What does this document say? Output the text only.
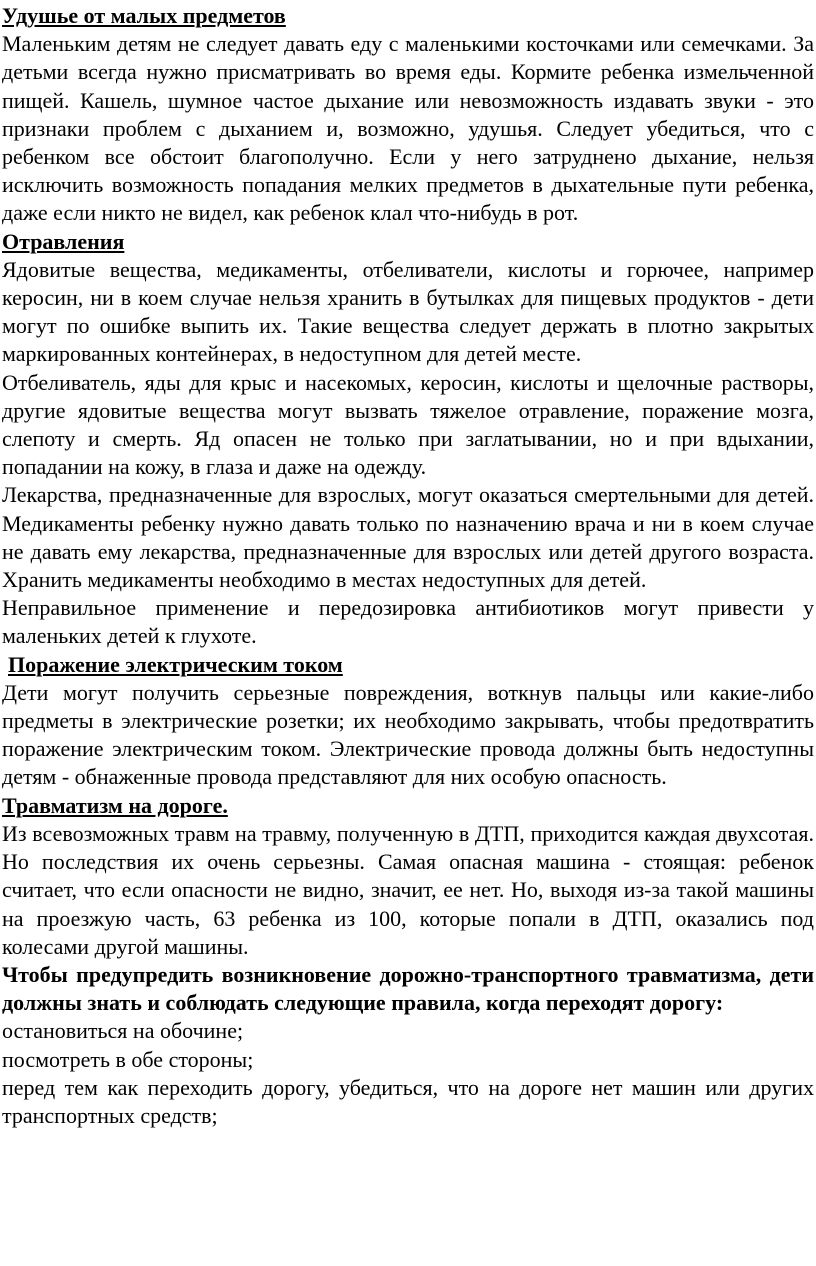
Удушье от малых предметов

Маленьким детям не следует давать еду с маленькими косточками или семечками. За детьми всегда нужно присматривать во время еды. Кормите ребенка измельченной пищей. Кашель, шумное частое дыхание или невозможность издавать звуки - это признаки проблем с дыханием и, возможно, удушья. Следует убедиться, что с ребенком все обстоит благополучно. Если у него затруднено дыхание, нельзя исключить возможность попадания мелких предметов в дыхательные пути ребенка, даже если никто не видел, как ребенок клал что-нибудь в рот.

Отравления

Ядовитые вещества, медикаменты, отбеливатели, кислоты и горючее, например керосин, ни в коем случае нельзя хранить в бутылках для пищевых продуктов - дети могут по ошибке выпить их. Такие вещества следует держать в плотно закрытых маркированных контейнерах, в недоступном для детей месте.

Отбеливатель, яды для крыс и насекомых, керосин, кислоты и щелочные растворы, другие ядовитые вещества могут вызвать тяжелое отравление, поражение мозга, слепоту и смерть. Яд опасен не только при заглатывании, но и при вдыхании, попадании на кожу, в глаза и даже на одежду.

Лекарства, предназначенные для взрослых, могут оказаться смертельными для детей. Медикаменты ребенку нужно давать только по назначению врача и ни в коем случае не давать ему лекарства, предназначенные для взрослых или детей другого возраста. Хранить медикаменты необходимо в местах недоступных для детей.

Неправильное применение и передозировка антибиотиков могут привести у маленьких детей к глухоте.

Поражение электрическим током

Дети могут получить серьезные повреждения, воткнув пальцы или какие-либо предметы в электрические розетки; их необходимо закрывать, чтобы предотвратить поражение электрическим током. Электрические провода должны быть недоступны детям - обнаженные провода представляют для них особую опасность.

Травматизм на дороге.

Из всевозможных травм на травму, полученную в ДТП, приходится каждая двухсотая. Но последствия их очень серьезны. Самая опасная машина - стоящая: ребенок считает, что если опасности не видно, значит, ее нет. Но, выходя из-за такой машины на проезжую часть, 63 ребенка из 100, которые попали в ДТП, оказались под колесами другой машины.

Чтобы предупредить возникновение дорожно-транспортного травматизма, дети должны знать и соблюдать следующие правила, когда переходят дорогу:

остановиться на обочине;

посмотреть в обе стороны;

перед тем как переходить дорогу, убедиться, что на дороге нет машин или других транспортных средств;
